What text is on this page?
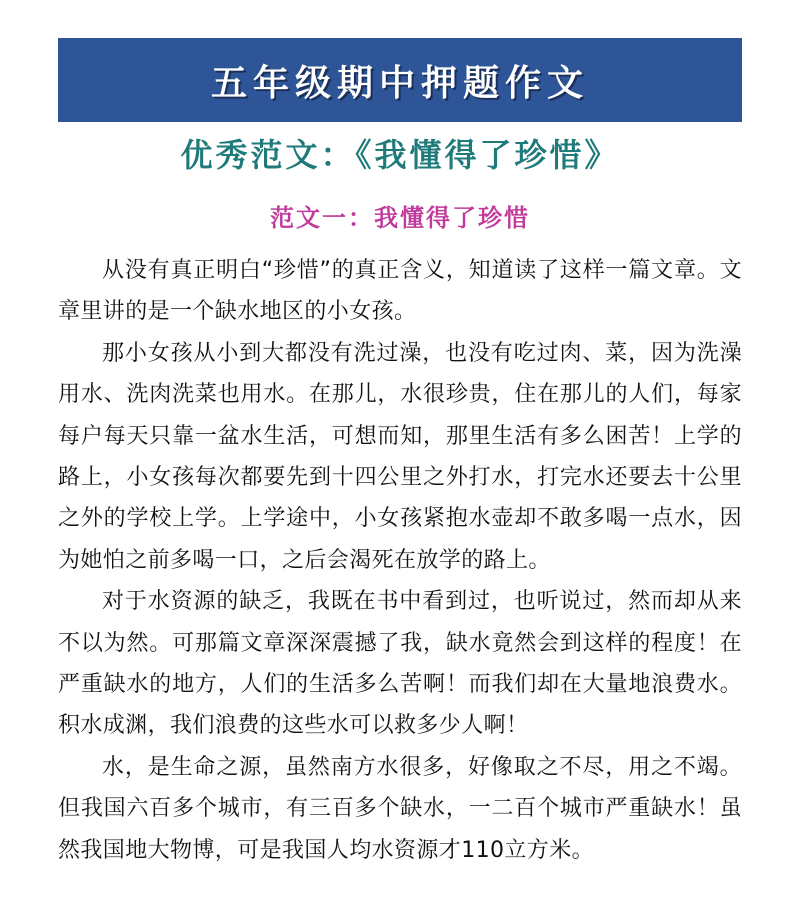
五年级期中押题作文
优秀范文：《我懂得了珍惜》
范文一：我懂得了珍惜

从没有真正明白“珍惜”的真正含义，知道读了这样一篇文章。文章里讲的是一个缺水地区的小女孩。

那小女孩从小到大都没有洗过澡，也没有吃过肉、菜，因为洗澡用水、洗肉洗菜也用水。在那儿，水很珍贵，住在那儿的人们，每家每户每天只靠一盆水生活，可想而知，那里生活有多么困苦！上学的路上，小女孩每次都要先到十四公里之外打水，打完水还要去十公里之外的学校上学。上学途中，小女孩紧抱水壶却不敢多喝一点水，因为她怕之前多喝一口，之后会渴死在放学的路上。

对于水资源的缺乏，我既在书中看到过，也听说过，然而却从来不以为然。可那篇文章深深震撼了我，缺水竟然会到这样的程度！在严重缺水的地方，人们的生活多么苦啊！而我们却在大量地浪费水。积水成渊，我们浪费的这些水可以救多少人啊！

水，是生命之源，虽然南方水很多，好像取之不尽，用之不竭。但我国六百多个城市，有三百多个缺水，一二百个城市严重缺水！虽然我国地大物博，可是我国人均水资源才110立方米。
